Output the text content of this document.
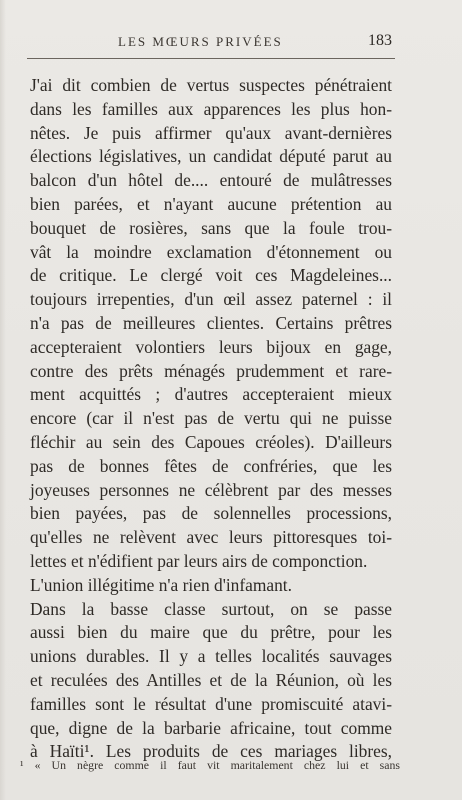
LES MŒURS PRIVÉES	183
J'ai dit combien de vertus suspectes pénétraient
dans les familles aux apparences les plus hon-
nêtes. Je puis affirmer qu'aux avant-dernières
élections législatives, un candidat député parut au
balcon d'un hôtel de.... entouré de mulâtresses
bien parées, et n'ayant aucune prétention au
bouquet de rosières, sans que la foule trou-
vât la moindre exclamation d'étonnement ou
de critique. Le clergé voit ces Magdeleines...
toujours irrepenties, d'un œil assez paternel : il
n'a pas de meilleures clientes. Certains prêtres
accepteraient volontiers leurs bijoux en gage,
contre des prêts ménagés prudemment et rare-
ment acquittés ; d'autres accepteraient mieux
encore (car il n'est pas de vertu qui ne puisse
fléchir au sein des Capoues créoles). D'ailleurs
pas de bonnes fêtes de confréries, que les
joyeuses personnes ne célèbrent par des messes
bien payées, pas de solennelles processions,
qu'elles ne relèvent avec leurs pittoresques toi-
lettes et n'édifient par leurs airs de componction.
L'union illégitime n'a rien d'infamant.
Dans la basse classe surtout, on se passe
aussi bien du maire que du prêtre, pour les
unions durables. Il y a telles localités sauvages
et reculées des Antilles et de la Réunion, où les
familles sont le résultat d'une promiscuité atavi-
que, digne de la barbarie africaine, tout comme
à Haïti¹. Les produits de ces mariages libres,
¹ « Un nègre comme il faut vit maritalement chez lui et sans
